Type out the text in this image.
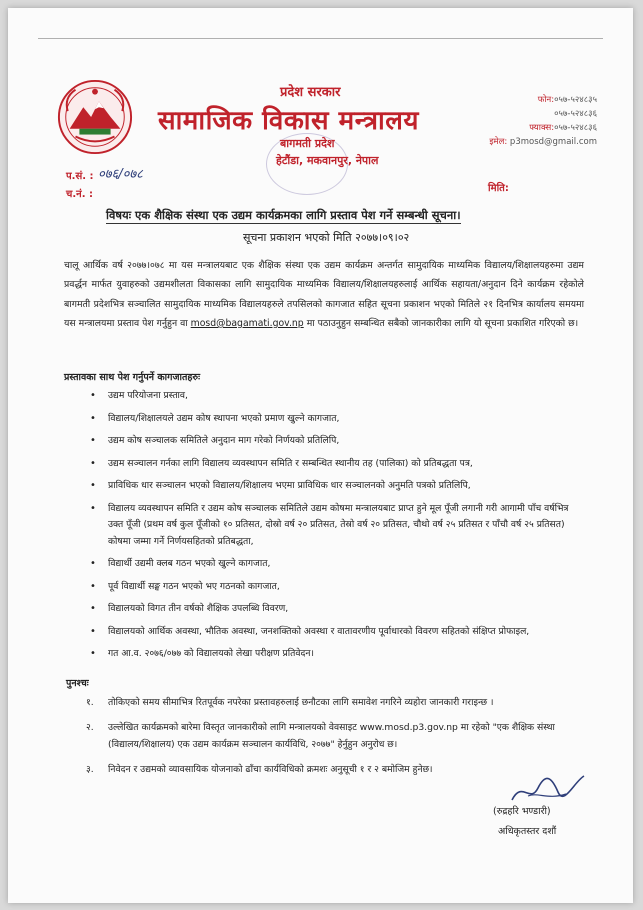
प्रदेश सरकार
सामाजिक विकास मन्त्रालय
बागमती प्रदेश
हेटौंडा, मकवानपुर, नेपाल
फोन:०५७-५२४८३५
०५७-५२४८३६
फ्याक्स:०५७-५२४८३६
इमेल: p3mosd@gmail.com
प.सं. : ०७६/०७८
च.नं. :
मिति:
विषयः एक शैक्षिक संस्था एक उद्यम कार्यक्रमका लागि प्रस्ताव पेश गर्ने सम्बन्धी सूचना।
सूचना प्रकाशन भएको मिति २०७७।०९।०२
चालू आर्थिक वर्ष २०७७।०७८ मा यस मन्त्रालयबाट एक शैक्षिक संस्था एक उद्यम कार्यक्रम अन्तर्गत सामुदायिक माध्यमिक विद्यालय/शिक्षालयहरुमा उद्यम प्रवर्द्धन मार्फत युवाहरुको उद्यमशीलता विकासका लागि सामुदायिक माध्यमिक विद्यालय/शिक्षालयहरुलाई आर्थिक सहायता/अनुदान दिने कार्यक्रम रहेकोले बागमती प्रदेशभित्र सञ्चालित सामुदायिक माध्यमिक विद्यालयहरुले तपसिलको कागजात सहित सूचना प्रकाशन भएको मितिले २१ दिनभित्र कार्यालय समयमा यस मन्त्रालयमा प्रस्ताव पेश गर्नुहुन वा mosd@bagamati.gov.np मा पठाउनुहुन सम्बन्धित सबैको जानकारीका लागि यो सूचना प्रकाशित गरिएको छ।
प्रस्तावका साथ पेश गर्नुपर्ने कागजातहरुः
• उद्यम परियोजना प्रस्ताव,
• विद्यालय/शिक्षालयले उद्यम कोष स्थापना भएको प्रमाण खुल्ने कागजात,
• उद्यम कोष सञ्चालक समितिले अनुदान माग गरेको निर्णयको प्रतिलिपि,
• उद्यम सञ्चालन गर्नका लागि विद्यालय व्यवस्थापन समिति र सम्बन्धित स्थानीय तह (पालिका) को प्रतिबद्धता पत्र,
• प्राविधिक धार सञ्चालन भएको विद्यालय/शिक्षालय भएमा प्राविधिक धार सञ्चालनको अनुमति पत्रको प्रतिलिपि,
• विद्यालय व्यवस्थापन समिति र उद्यम कोष सञ्चालक समितिले उद्यम कोषमा मन्त्रालयबाट प्राप्त हुने मूल पूँजी लगानी गरी आगामी पाँच वर्षभित्र उक्त पूँजी (प्रथम वर्ष कुल पूँजीको १० प्रतिसत, दोस्रो वर्ष २० प्रतिसत, तेस्रो वर्ष २० प्रतिसत, चौथो वर्ष २५ प्रतिसत र पाँचौ वर्ष २५ प्रतिसत) कोषमा जम्मा गर्ने निर्णयसहितको प्रतिबद्धता,
• विद्यार्थी उद्यमी क्लब गठन भएको खुल्ने कागजात,
• पूर्व विद्यार्थी सङ्घ गठन भएको भए गठनको कागजात,
• विद्यालयको विगत तीन वर्षको शैक्षिक उपलब्धि विवरण,
• विद्यालयको आर्थिक अवस्था, भौतिक अवस्था, जनशक्तिको अवस्था र वातावरणीय पूर्वाधारको विवरण सहितको संक्षिप्त प्रोफाइल,
• गत आ.व. २०७६/०७७ को विद्यालयको लेखा परीक्षण प्रतिवेदन।
पुनश्चः
१. तोकिएको समय सीमाभित्र रितपूर्वक नपरेका प्रस्तावहरुलाई छनौटका लागि समावेश नगरिने व्यहोरा जानकारी गराइन्छ ।
२. उल्लेखित कार्यक्रमको बारेमा विस्तृत जानकारीको लागि मन्त्रालयको वेवसाइट www.mosd.p3.gov.np मा रहेको "एक शैक्षिक संस्था (विद्यालय/शिक्षालय) एक उद्यम कार्यक्रम सञ्चालन कार्यविधि, २०७७" हेर्नुहुन अनुरोध छ।
३. निवेदन र उद्यमको व्यावसायिक योजनाको ढाँचा कार्यविधिको क्रमशः अनुसूची १ र २ बमोजिम हुनेछ।
(रुद्रहरि भण्डारी)
अधिकृतस्तर दशौं
